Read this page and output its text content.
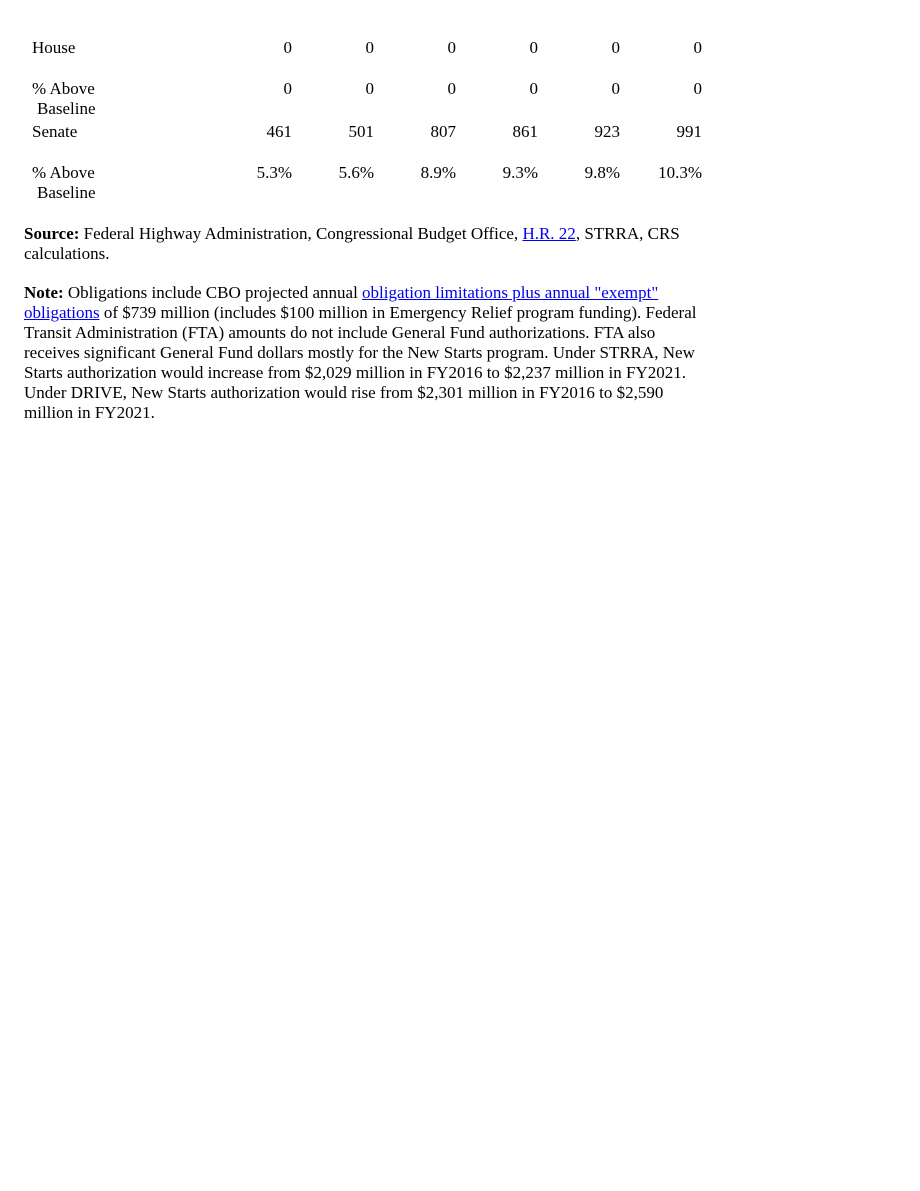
House	0	0	0	0	0	0
% Above
Baseline	0	0	0	0	0	0
Senate	461	501	807	861	923	991
% Above
Baseline	5.3%	5.6%	8.9%	9.3%	9.8%	10.3%

Source: Federal Highway Administration, Congressional Budget Office, H.R. 22, STRRA, CRS calculations.

Note: Obligations include CBO projected annual obligation limitations plus annual "exempt" obligations of $739 million (includes $100 million in Emergency Relief program funding). Federal Transit Administration (FTA) amounts do not include General Fund authorizations. FTA also receives significant General Fund dollars mostly for the New Starts program. Under STRRA, New Starts authorization would increase from $2,029 million in FY2016 to $2,237 million in FY2021. Under DRIVE, New Starts authorization would rise from $2,301 million in FY2016 to $2,590 million in FY2021.
